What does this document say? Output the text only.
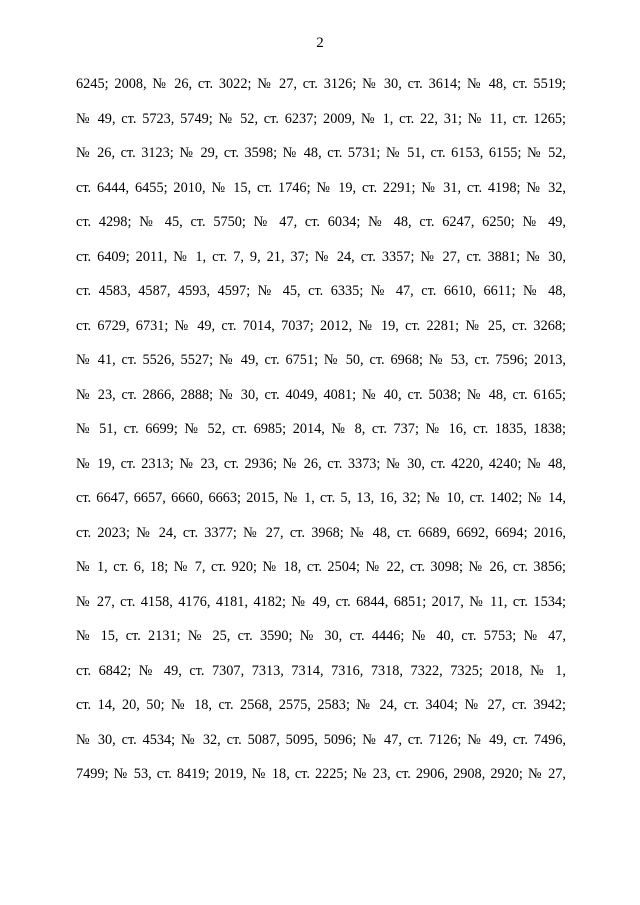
2
6245; 2008, № 26, ст. 3022; № 27, ст. 3126; № 30, ст. 3614; № 48, ст. 5519;
№ 49, ст. 5723, 5749; № 52, ст. 6237; 2009, № 1, ст. 22, 31; № 11, ст. 1265;
№ 26, ст. 3123; № 29, ст. 3598; № 48, ст. 5731; № 51, ст. 6153, 6155; № 52,
ст. 6444, 6455; 2010, № 15, ст. 1746; № 19, ст. 2291; № 31, ст. 4198; № 32,
ст. 4298; № 45, ст. 5750; № 47, ст. 6034; № 48, ст. 6247, 6250; № 49,
ст. 6409; 2011, № 1, ст. 7, 9, 21, 37; № 24, ст. 3357; № 27, ст. 3881; № 30,
ст. 4583, 4587, 4593, 4597; № 45, ст. 6335; № 47, ст. 6610, 6611; № 48,
ст. 6729, 6731; № 49, ст. 7014, 7037; 2012, № 19, ст. 2281; № 25, ст. 3268;
№ 41, ст. 5526, 5527; № 49, ст. 6751; № 50, ст. 6968; № 53, ст. 7596; 2013,
№ 23, ст. 2866, 2888; № 30, ст. 4049, 4081; № 40, ст. 5038; № 48, ст. 6165;
№ 51, ст. 6699; № 52, ст. 6985; 2014, № 8, ст. 737; № 16, ст. 1835, 1838;
№ 19, ст. 2313; № 23, ст. 2936; № 26, ст. 3373; № 30, ст. 4220, 4240; № 48,
ст. 6647, 6657, 6660, 6663; 2015, № 1, ст. 5, 13, 16, 32; № 10, ст. 1402; № 14,
ст. 2023; № 24, ст. 3377; № 27, ст. 3968; № 48, ст. 6689, 6692, 6694; 2016,
№ 1, ст. 6, 18; № 7, ст. 920; № 18, ст. 2504; № 22, ст. 3098; № 26, ст. 3856;
№ 27, ст. 4158, 4176, 4181, 4182; № 49, ст. 6844, 6851; 2017, № 11, ст. 1534;
№ 15, ст. 2131; № 25, ст. 3590; № 30, ст. 4446; № 40, ст. 5753; № 47,
ст. 6842; № 49, ст. 7307, 7313, 7314, 7316, 7318, 7322, 7325; 2018, № 1,
ст. 14, 20, 50; № 18, ст. 2568, 2575, 2583; № 24, ст. 3404; № 27, ст. 3942;
№ 30, ст. 4534; № 32, ст. 5087, 5095, 5096; № 47, ст. 7126; № 49, ст. 7496,
7499; № 53, ст. 8419; 2019, № 18, ст. 2225; № 23, ст. 2906, 2908, 2920; № 27,
